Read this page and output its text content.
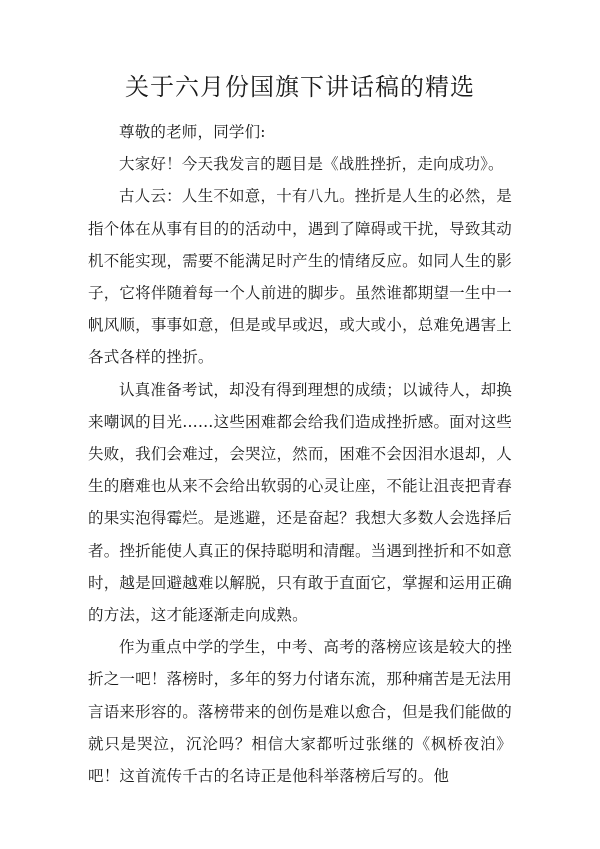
关于六月份国旗下讲话稿的精选

尊敬的老师，同学们:

大家好！今天我发言的题目是《战胜挫折，走向成功》。

古人云：人生不如意，十有八九。挫折是人生的必然，是指个体在从事有目的的活动中，遇到了障碍或干扰，导致其动机不能实现，需要不能满足时产生的情绪反应。如同人生的影子，它将伴随着每一个人前进的脚步。虽然谁都期望一生中一帆风顺，事事如意，但是或早或迟，或大或小，总难免遇害上各式各样的挫折。

认真准备考试，却没有得到理想的成绩；以诚待人，却换来嘲讽的目光……这些困难都会给我们造成挫折感。面对这些失败，我们会难过，会哭泣，然而，困难不会因泪水退却，人生的磨难也从来不会给出软弱的心灵让座，不能让沮丧把青春的果实泡得霉烂。是逃避，还是奋起？我想大多数人会选择后者。挫折能使人真正的保持聪明和清醒。当遇到挫折和不如意时，越是回避越难以解脱，只有敢于直面它，掌握和运用正确的方法，这才能逐渐走向成熟。

作为重点中学的学生，中考、高考的落榜应该是较大的挫折之一吧！落榜时，多年的努力付诸东流，那种痛苦是无法用言语来形容的。落榜带来的创伤是难以愈合，但是我们能做的就只是哭泣，沉沦吗？相信大家都听过张继的《枫桥夜泊》吧！这首流传千古的名诗正是他科举落榜后写的。他
